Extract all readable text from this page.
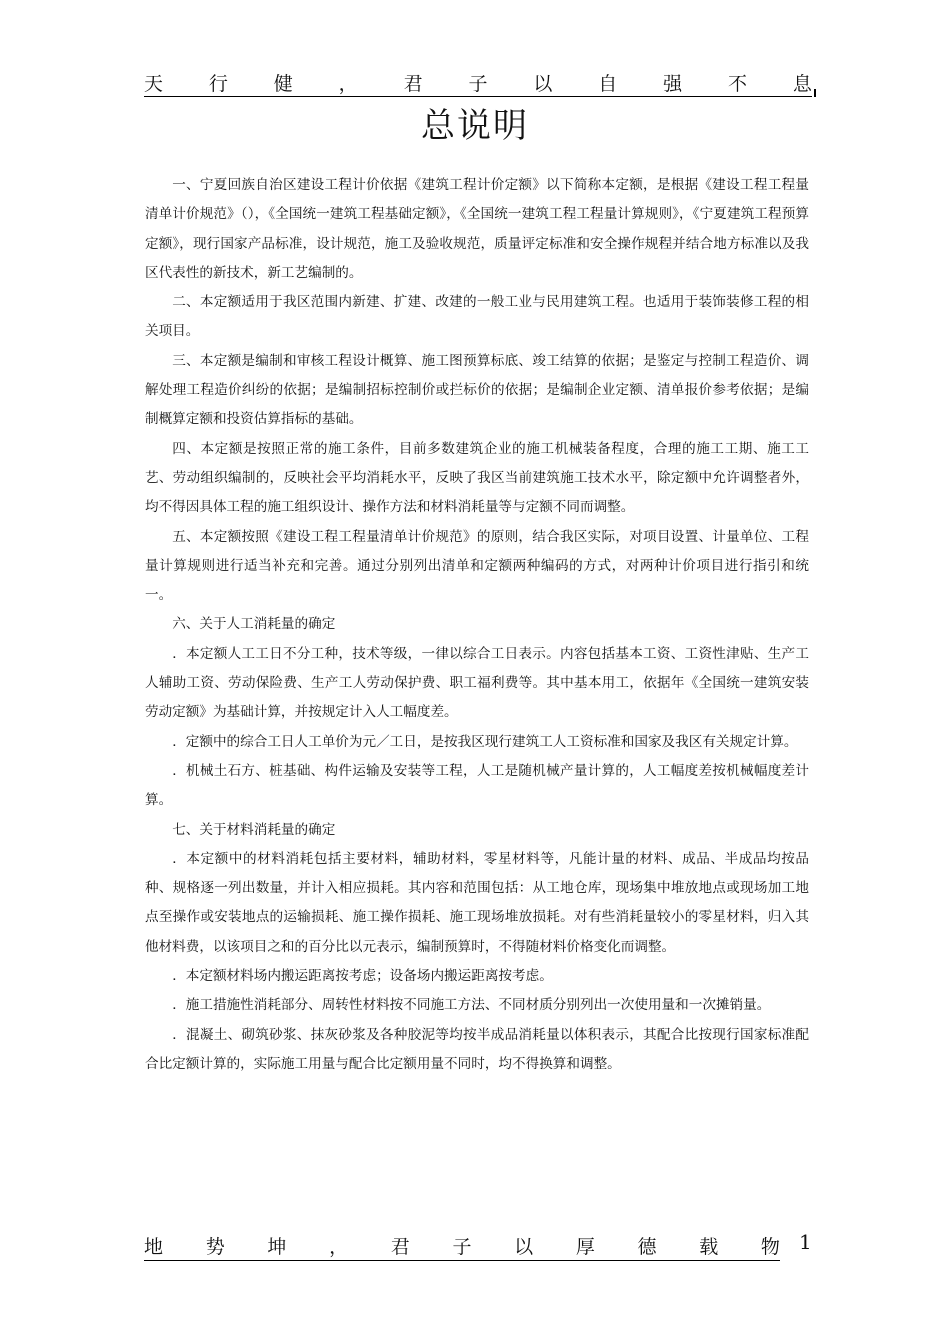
天 行 健 ， 君 子 以 自 强 不 息
总说明

一、宁夏回族自治区建设工程计价依据《建筑工程计价定额》以下简称本定额，是根据《建设工程工程量清单计价规范》（），《全国统一建筑工程基础定额》，《全国统一建筑工程工程量计算规则》，《宁夏建筑工程预算定额》，现行国家产品标准，设计规范，施工及验收规范，质量评定标准和安全操作规程并结合地方标准以及我区代表性的新技术，新工艺编制的。

二、本定额适用于我区范围内新建、扩建、改建的一般工业与民用建筑工程。也适用于装饰装修工程的相关项目。

三、本定额是编制和审核工程设计概算、施工图预算标底、竣工结算的依据；是鉴定与控制工程造价、调解处理工程造价纠纷的依据；是编制招标控制价或拦标价的依据；是编制企业定额、清单报价参考依据；是编制概算定额和投资估算指标的基础。

四、本定额是按照正常的施工条件，目前多数建筑企业的施工机械装备程度，合理的施工工期、施工工艺、劳动组织编制的，反映社会平均消耗水平，反映了我区当前建筑施工技术水平，除定额中允许调整者外，均不得因具体工程的施工组织设计、操作方法和材料消耗量等与定额不同而调整。

五、本定额按照《建设工程工程量清单计价规范》的原则，结合我区实际，对项目设置、计量单位、工程量计算规则进行适当补充和完善。通过分别列出清单和定额两种编码的方式，对两种计价项目进行指引和统一。

六、关于人工消耗量的确定

．本定额人工工日不分工种，技术等级，一律以综合工日表示。内容包括基本工资、工资性津贴、生产工人辅助工资、劳动保险费、生产工人劳动保护费、职工福利费等。其中基本用工，依据年《全国统一建筑安装劳动定额》为基础计算，并按规定计入人工幅度差。

．定额中的综合工日人工单价为元／工日，是按我区现行建筑工人工资标准和国家及我区有关规定计算。

．机械土石方、桩基础、构件运输及安装等工程，人工是随机械产量计算的，人工幅度差按机械幅度差计算。

七、关于材料消耗量的确定

．本定额中的材料消耗包括主要材料，辅助材料，零星材料等，凡能计量的材料、成品、半成品均按品种、规格逐一列出数量，并计入相应损耗。其内容和范围包括：从工地仓库，现场集中堆放地点或现场加工地点至操作或安装地点的运输损耗、施工操作损耗、施工现场堆放损耗。对有些消耗量较小的零星材料，归入其他材料费，以该项目之和的百分比以元表示，编制预算时，不得随材料价格变化而调整。

．本定额材料场内搬运距离按考虑；设备场内搬运距离按考虑。

．施工措施性消耗部分、周转性材料按不同施工方法、不同材质分别列出一次使用量和一次摊销量。

．混凝土、砌筑砂浆、抹灰砂浆及各种胶泥等均按半成品消耗量以体积表示，其配合比按现行国家标准配合比定额计算的，实际施工用量与配合比定额用量不同时，均不得换算和调整。

地 势 坤 ， 君 子 以 厚 德 载 物 1
